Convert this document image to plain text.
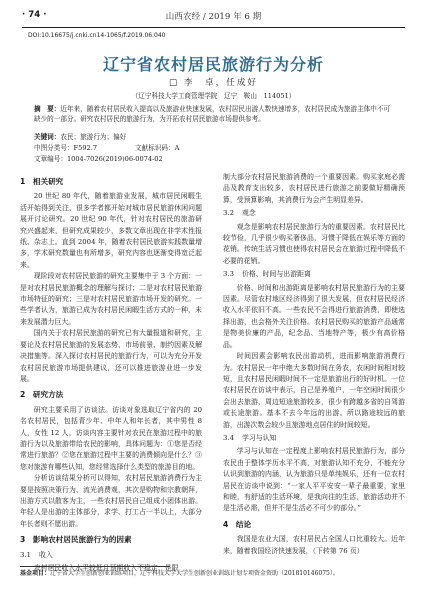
· 74 ·	山西农经 / 2019 年 6 期
DOI:10.16675/j.cnki.cn14-1065/f.2019.06.040
辽宁省农村居民旅游行为分析
□ 李　卓，任成好
（辽宁科技大学工商管理学院　辽宁　鞍山　114051）
摘　要：近年来，随着农村居民收入提高以及旅游业快速发展，农村居民出游人数快速增多，农村居民成为旅游主体中不可缺少的一部分。研究农村居民的旅游行为，为开拓农村居民旅游市场提供参考。
关键词：农民；旅游行为；偏好
中图分类号：F592.7	文献标识码：A
文章编号：1004-7026(2019)06-0074-02
1　相关研究

20 世纪 80 年代，随着旅游业发展，城市居民闲暇生活开始得到关注，很多学者都开始对城市居民旅游休闲问题展开讨论研究。20 世纪 90 年代，针对农村居民的旅游研究兴盛起来，但研究成果较少，多数文章出现在非学术性报纸、杂志上。直到 2004 年，随着农村居民旅游实践数量增多，学术研究数量也有所增多，研究内容也逐渐变得宽泛起来。

现阶段对农村居民旅游的研究主要集中于 3 个方面：一是对农村居民旅游概念的理解与探讨；二是对农村居民旅游市场特征的研究；三是对农村居民旅游市场开发的研究。一些学者认为，旅游已成为农村居民闲暇生活方式的一种，未来发展潜力巨大。

国内关于农村居民旅游的研究已有大量报道和研究，主要论及农村居民旅游的发展态势、市场前景、制约因素及解决措施等。深入探讨农村居民的旅游行为，可以为充分开发农村居民旅游市场提供建议，还可以推进旅游业进一步发展。

2　研究方法

研究主要采用了访谈法。访谈对象选取辽宁省内的 20 名农村居民，包括青少年、中年人和年长者，其中男性 8 人，女性 12 人。访谈内容主要针对农民在旅游过程中的旅游行为以及旅游带给农民的影响，具体问题为：①您是否经常进行旅游？②您在旅游过程中主要的消费倾向是什么？③您对旅游有哪些认知，您经常选择什么类型的旅游目的地。

分析访谈结果分析可以得知，农村居民旅游消费行为主要是按照决策行为、流光消费观，其次是购物和宗教朝拜，出游方式以散客为主，一些农村居民自己组成小团体出游。年轻人是出游的主体部分，求学、打工占一半以上，大部分年长者则不愿出游。

3　影响农村居民旅游行为的因素
3.1 收入

农村居民收入水平较低且预期收入不稳定，是限

制大部分农村居民旅游消费的一个重要因素。购买家庭必需品及教育支出较多，农村居民进行旅游之前要做好精确预算，受预算影响，其消费行为会产生明显差异。

3.2 观念

观念是影响农村居民旅游行为的重要因素。农村居民比较节俭，几乎很少购买奢侈品，习惯于降低在娱乐等方面的花销。传统生活习惯也使得农村居民会在旅游过程中降低不必要的花销。

3.3 价格、时间与出游距离

价格、时间和出游距离是影响农村居民旅游行为的主要因素。尽管农村地区经济得到了很大发展，但农村居民经济收入水平依旧不高。一些农民不会得进行旅游消费，即使选择出游，也会格外关注价格。农村居民购买的旅游产品通常是物美价廉的产品，纪念品、当地特产等，极少有高价格品。

时间因素会影响农民出游动机，进而影响旅游消费行为。农村居民一年中绝大多数时间在务农，农闲时间相对较短，且农村居民闲暇时间不一定是旅游出行的好时机。一位农村居民在访谈中表示，自己是养殖户，一年空闲时间很少会出去旅游，周边短途旅游较多，很少有跨越多省的自驾游或长途旅游。基本不去今年远的出游。所以路途较远的旅游，出游次数会较少且旅游地点居住的时间较短。

3.4 学习与认知

学习与认知在一定程度上影响农村居民旅游行为，部分农民由于整体学历水平不高，对旅游认知不充分，不能充分认识到旅游的内涵，认为旅游只是单纯娱乐，还有一位农村居民在访谈中说到：“一家人平平安安一辈子最重要，家里和睦，有舒适的生活环境，是我向往的生活，旅游活动并不是生活必需，但并不是生活必不可少的部分。”

4　结论

我国是农业大国，农村居民占全国人口比重较大。近年来，随着我国经济快速发展，（下转第 76 页）

基金项目：辽宁省大学生创新创业训练项目，辽宁科技大学大学生创新创业训练计划专项资金资助（201810146075）。
